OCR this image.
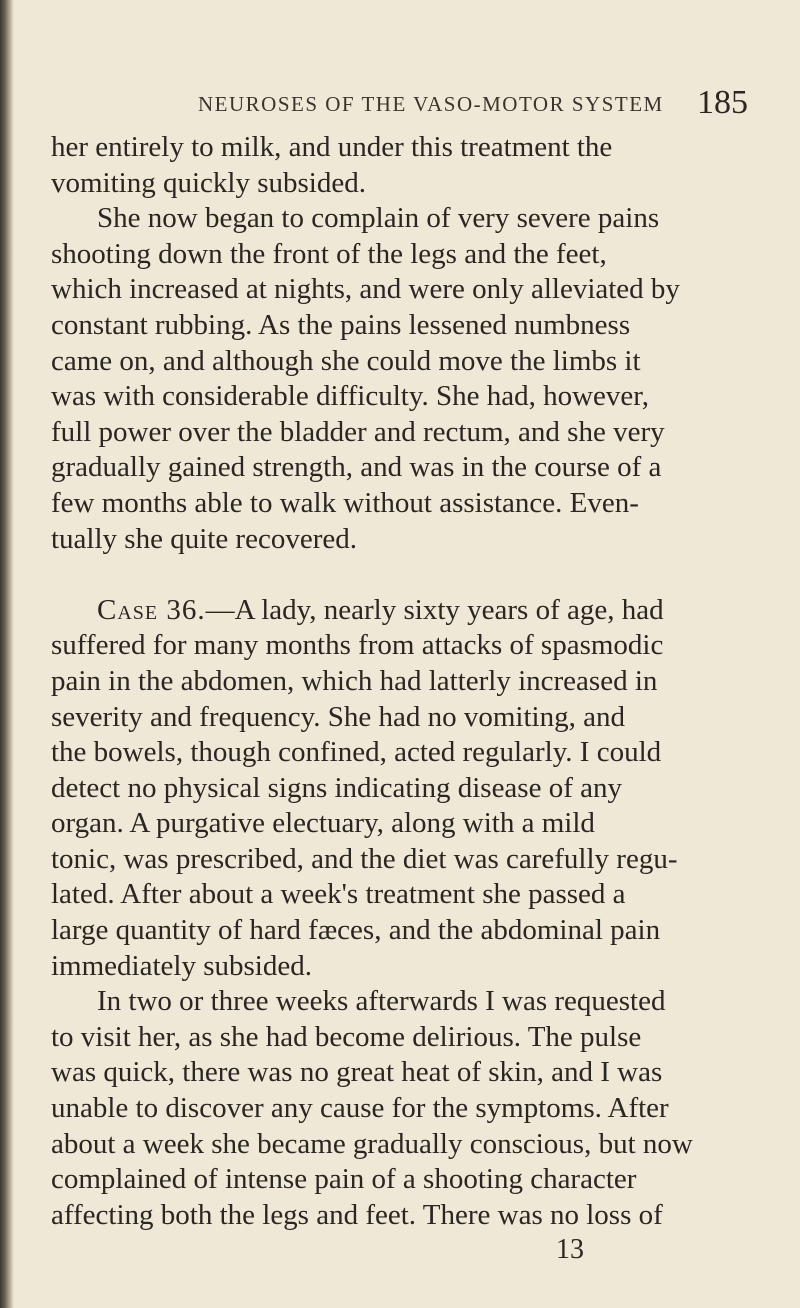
NEUROSES OF THE VASO-MOTOR SYSTEM 185
her entirely to milk, and under this treatment the
vomiting quickly subsided.
She now began to complain of very severe pains
shooting down the front of the legs and the feet,
which increased at nights, and were only alleviated by
constant rubbing. As the pains lessened numbness
came on, and although she could move the limbs it
was with considerable difficulty. She had, however,
full power over the bladder and rectum, and she very
gradually gained strength, and was in the course of a
few months able to walk without assistance. Even-
tually she quite recovered.
Case 36.—A lady, nearly sixty years of age, had
suffered for many months from attacks of spasmodic
pain in the abdomen, which had latterly increased in
severity and frequency. She had no vomiting, and
the bowels, though confined, acted regularly. I could
detect no physical signs indicating disease of any
organ. A purgative electuary, along with a mild
tonic, was prescribed, and the diet was carefully regu-
lated. After about a week's treatment she passed a
large quantity of hard fæces, and the abdominal pain
immediately subsided.
In two or three weeks afterwards I was requested
to visit her, as she had become delirious. The pulse
was quick, there was no great heat of skin, and I was
unable to discover any cause for the symptoms. After
about a week she became gradually conscious, but now
complained of intense pain of a shooting character
affecting both the legs and feet. There was no loss of
13
